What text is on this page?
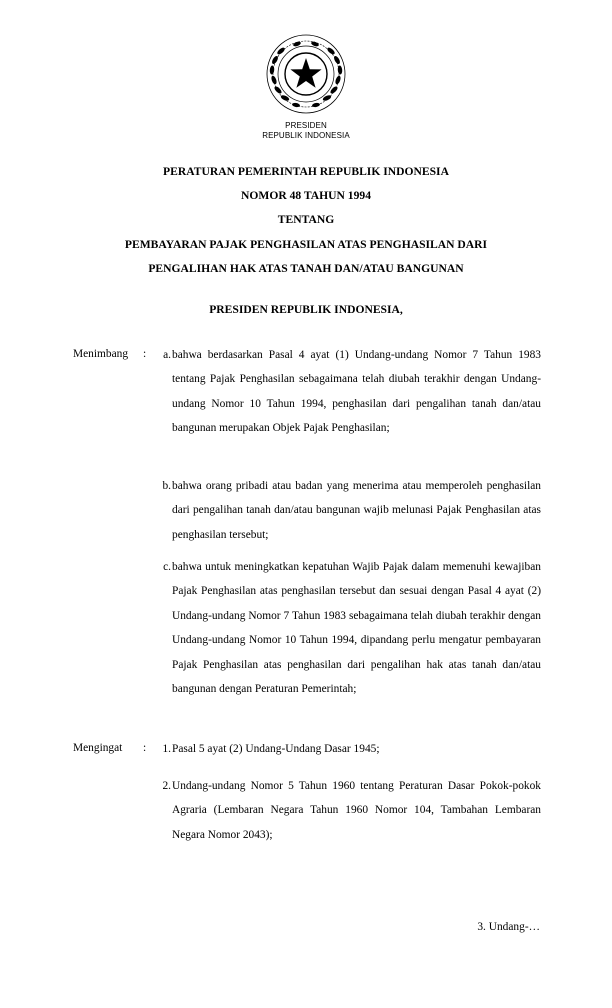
PRESIDEN
REPUBLIK INDONESIA
PERATURAN PEMERINTAH REPUBLIK INDONESIA
NOMOR 48 TAHUN 1994
TENTANG
PEMBAYARAN PAJAK PENGHASILAN ATAS PENGHASILAN DARI
PENGALIHAN HAK ATAS TANAH DAN/ATAU BANGUNAN
PRESIDEN REPUBLIK INDONESIA,
Menimbang :	a. bahwa berdasarkan Pasal 4 ayat (1) Undang-undang Nomor 7 Tahun 1983 tentang Pajak Penghasilan sebagaimana telah diubah terakhir dengan Undang-undang Nomor 10 Tahun 1994, penghasilan dari pengalihan tanah dan/atau bangunan merupakan Objek Pajak Penghasilan;
b. bahwa orang pribadi atau badan yang menerima atau memperoleh penghasilan dari pengalihan tanah dan/atau bangunan wajib melunasi Pajak Penghasilan atas penghasilan tersebut;
c. bahwa untuk meningkatkan kepatuhan Wajib Pajak dalam memenuhi kewajiban Pajak Penghasilan atas penghasilan tersebut dan sesuai dengan Pasal 4 ayat (2) Undang-undang Nomor 7 Tahun 1983 sebagaimana telah diubah terakhir dengan Undang-undang Nomor 10 Tahun 1994, dipandang perlu mengatur pembayaran Pajak Penghasilan atas penghasilan dari pengalihan hak atas tanah dan/atau bangunan dengan Peraturan Pemerintah;
Mengingat :	1. Pasal 5 ayat (2) Undang-Undang Dasar 1945;
2. Undang-undang Nomor 5 Tahun 1960 tentang Peraturan Dasar Pokok-pokok Agraria (Lembaran Negara Tahun 1960 Nomor 104, Tambahan Lembaran Negara Nomor 2043);
3. Undang-…
